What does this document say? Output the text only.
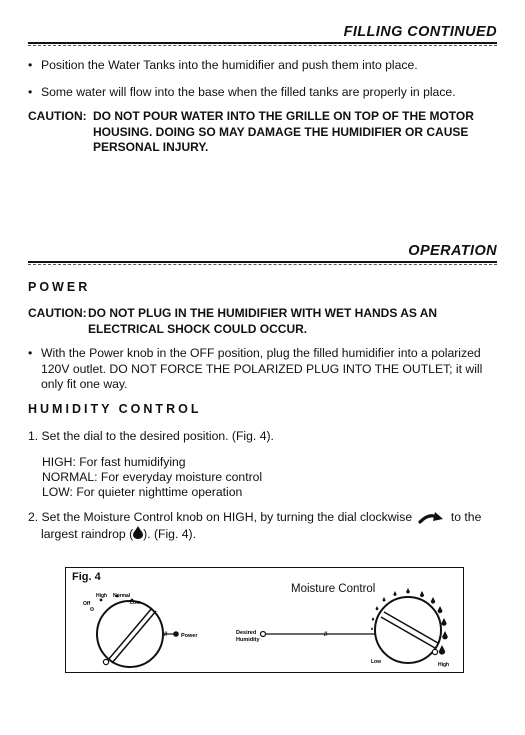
FILLING CONTINUED
• Position the Water Tanks into the humidifier and push them into place.
• Some water will flow into the base when the filled tanks are properly in place.
CAUTION: DO NOT POUR WATER INTO THE GRILLE ON TOP OF THE MOTOR HOUSING. DOING SO MAY DAMAGE THE HUMIDIFIER OR CAUSE PERSONAL INJURY.
OPERATION
POWER
CAUTION: DO NOT PLUG IN THE HUMIDIFIER WITH WET HANDS AS AN ELECTRICAL SHOCK COULD OCCUR.
• With the Power knob in the OFF position, plug the filled humidifier into a polarized 120V outlet. DO NOT FORCE THE POLARIZED PLUG INTO THE OUTLET; it will only fit one way.
HUMIDITY CONTROL
1. Set the dial to the desired position. (Fig. 4).
HIGH: For fast humidifying
NORMAL: For everyday moisture control
LOW: For quieter nighttime operation
2. Set the Moisture Control knob on HIGH, by turning the dial clockwise	to the
largest raindrop ( ). (Fig. 4).
Fig. 4
Moisture Control
Off
High Normal
Low
// Power	Desired
Humidity
//
Low	High
